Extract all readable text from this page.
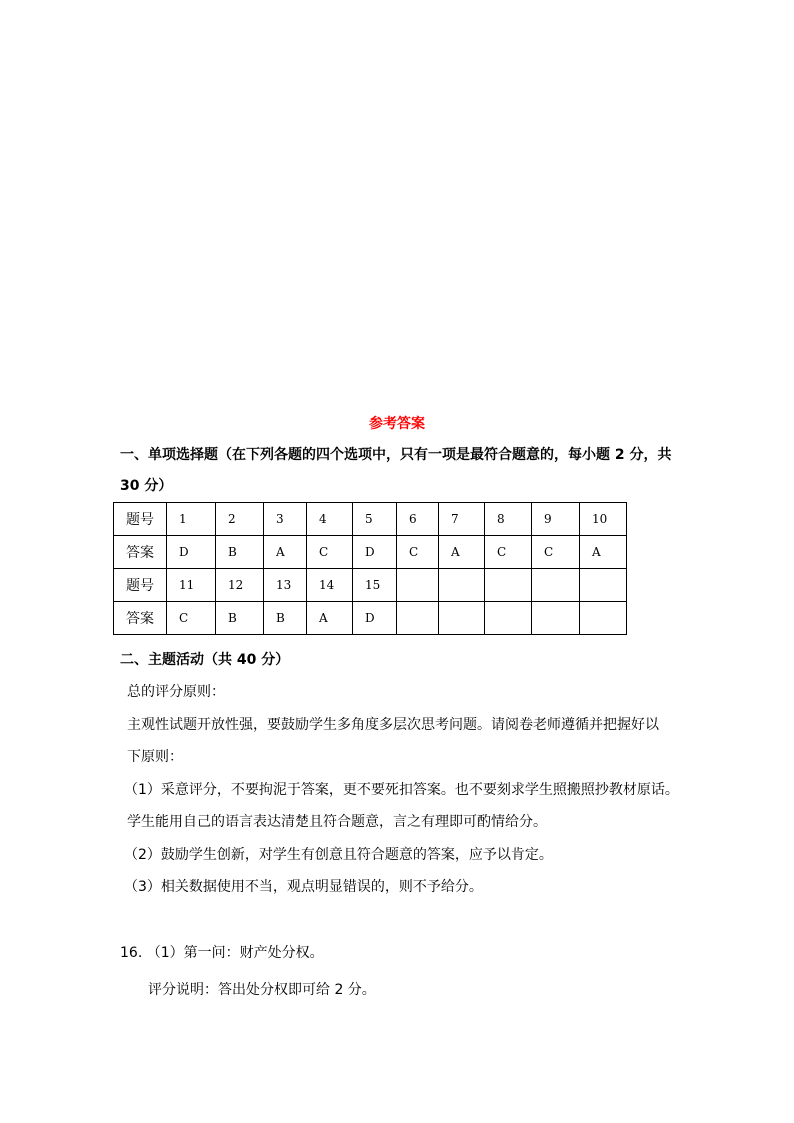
参考答案
一、单项选择题（在下列各题的四个选项中，只有一项是最符合题意的，每小题 2 分，共
30 分）
题号	1	2	3	4	5	6	7	8	9	10
答案	D	B	A	C	D	C	A	C	C	A
题号	11	12	13	14	15					
答案	C	B	B	A	D					
二、主题活动（共 40 分）
总的评分原则：
主观性试题开放性强，要鼓励学生多角度多层次思考问题。请阅卷老师遵循并把握好以
下原则：
（1）采意评分，不要拘泥于答案，更不要死扣答案。也不要刻求学生照搬照抄教材原话。
学生能用自己的语言表达清楚且符合题意，言之有理即可酌情给分。
（2）鼓励学生创新，对学生有创意且符合题意的答案，应予以肯定。
（3）相关数据使用不当，观点明显错误的，则不予给分。
16. （1）第一问：财产处分权。
评分说明：答出处分权即可给 2 分。
